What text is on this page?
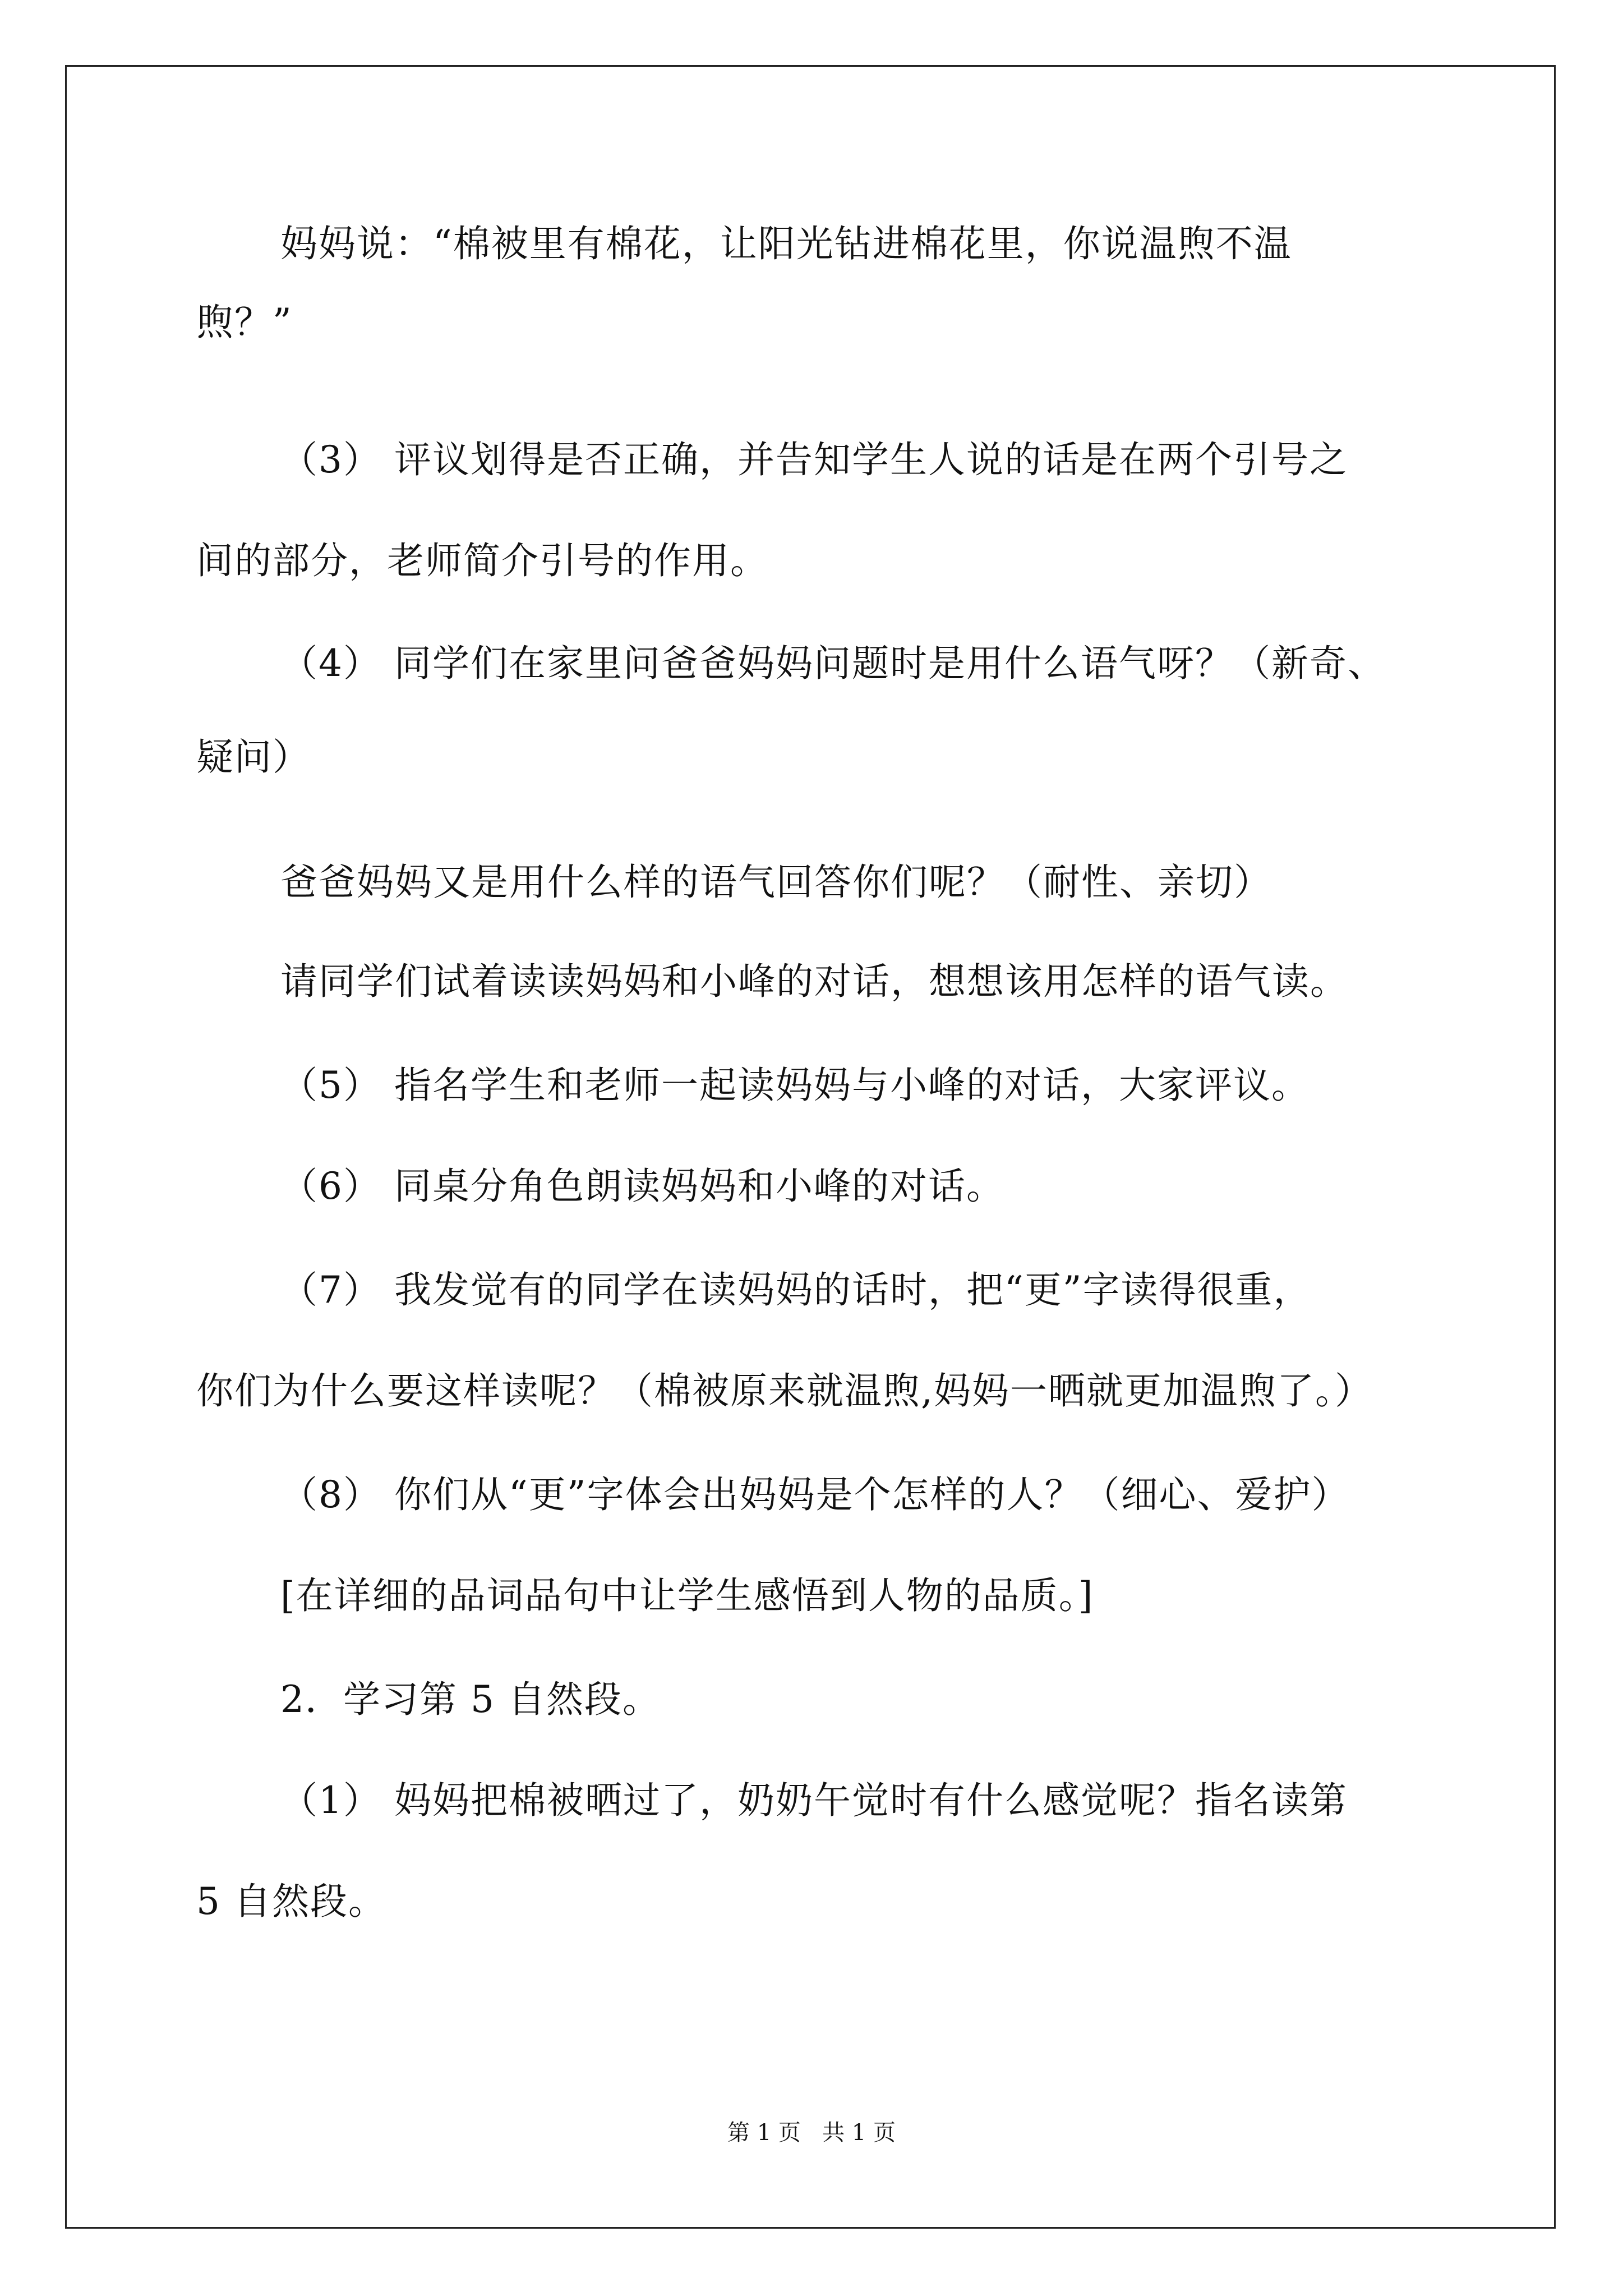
妈妈说：“棉被里有棉花，让阳光钻进棉花里，你说温煦不温
煦？”
（3） 评议划得是否正确，并告知学生人说的话是在两个引号之
间的部分，老师简介引号的作用。
（4） 同学们在家里问爸爸妈妈问题时是用什么语气呀？（新奇、
疑问）
爸爸妈妈又是用什么样的语气回答你们呢？（耐性、亲切）
请同学们试着读读妈妈和小峰的对话，想想该用怎样的语气读。
（5） 指名学生和老师一起读妈妈与小峰的对话，大家评议。
（6） 同桌分角色朗读妈妈和小峰的对话。
（7） 我发觉有的同学在读妈妈的话时，把“更”字读得很重，
你们为什么要这样读呢？（棉被原来就温煦,妈妈一晒就更加温煦了。）
（8） 你们从“更”字体会出妈妈是个怎样的人？（细心、爱护）
[在详细的品词品句中让学生感悟到人物的品质。]
2．学习第 5 自然段。
（1） 妈妈把棉被晒过了，奶奶午觉时有什么感觉呢？指名读第
5 自然段。
第 1 页   共 1 页
